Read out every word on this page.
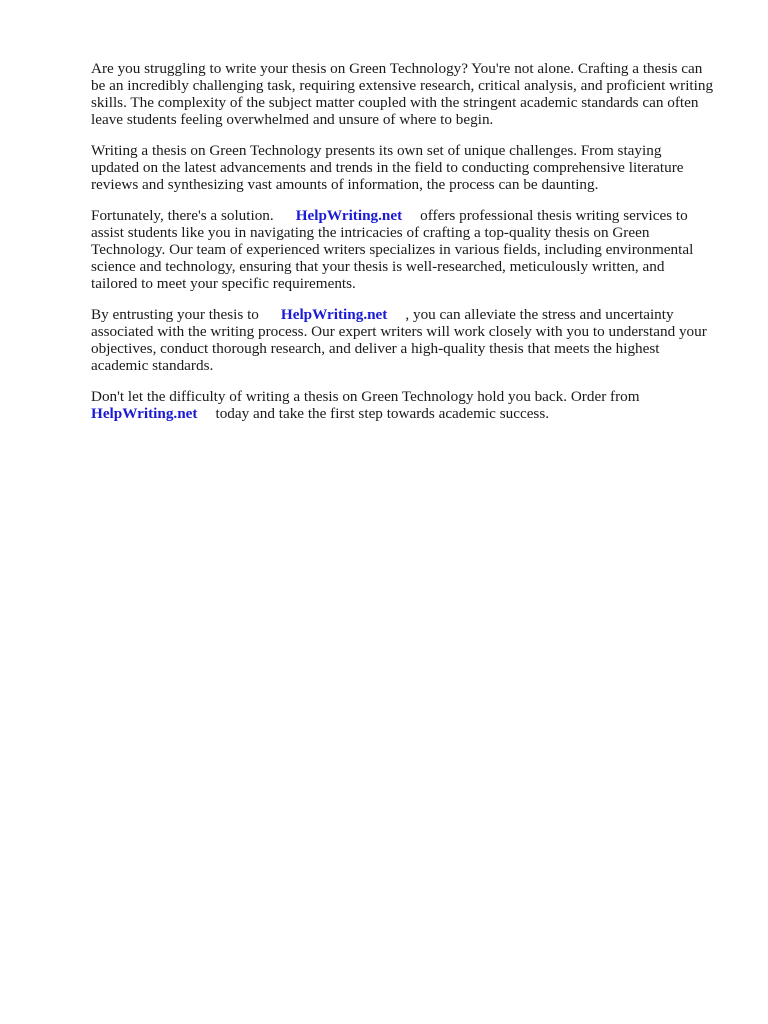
Are you struggling to write your thesis on Green Technology? You're not alone. Crafting a thesis can
be an incredibly challenging task, requiring extensive research, critical analysis, and proficient writing
skills. The complexity of the subject matter coupled with the stringent academic standards can often
leave students feeling overwhelmed and unsure of where to begin.

Writing a thesis on Green Technology presents its own set of unique challenges. From staying
updated on the latest advancements and trends in the field to conducting comprehensive literature
reviews and synthesizing vast amounts of information, the process can be daunting.

Fortunately, there's a solution. HelpWriting.net offers professional thesis writing services to
assist students like you in navigating the intricacies of crafting a top-quality thesis on Green
Technology. Our team of experienced writers specializes in various fields, including environmental
science and technology, ensuring that your thesis is well-researched, meticulously written, and
tailored to meet your specific requirements.

By entrusting your thesis to HelpWriting.net , you can alleviate the stress and uncertainty
associated with the writing process. Our expert writers will work closely with you to understand your
objectives, conduct thorough research, and deliver a high-quality thesis that meets the highest
academic standards.

Don't let the difficulty of writing a thesis on Green Technology hold you back. Order from
HelpWriting.net today and take the first step towards academic success.
